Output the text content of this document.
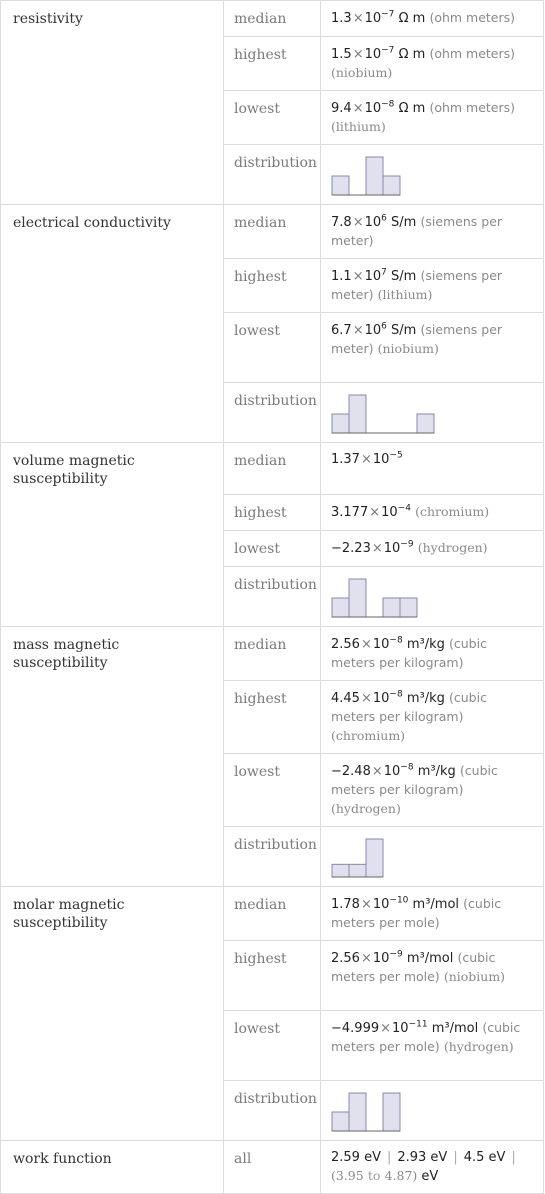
resistivity	median	$1.3\times 10^{-7}$ Ω m (ohm meters)
	highest	$1.5\times 10^{-7}$ Ω m (ohm meters) (niobium)
	lowest	$9.4\times 10^{-8}$ Ω m (ohm meters) (lithium)
	distribution	

electrical conductivity	median	$7.8\times 10^6$ S/m (siemens per meter)
	highest	$1.1\times 10^7$ S/m (siemens per meter) (lithium)
	lowest	$6.7\times 10^6$ S/m (siemens per meter) (niobium)
	distribution	

volume magnetic susceptibility	median	$1.37\times 10^{-5}$
	highest	$3.177\times 10^{-4}$ (chromium)
	lowest	$-2.23\times 10^{-9}$ (hydrogen)
	distribution	

mass magnetic susceptibility	median	$2.56\times 10^{-8}$ m³/kg (cubic meters per kilogram)
	highest	$4.45\times 10^{-8}$ m³/kg (cubic meters per kilogram) (chromium)
	lowest	$-2.48\times 10^{-8}$ m³/kg (cubic meters per kilogram) (hydrogen)
	distribution	

molar magnetic susceptibility	median	$1.78\times 10^{-10}$ m³/mol (cubic meters per mole)
	highest	$2.56\times 10^{-9}$ m³/mol (cubic meters per mole) (niobium)
	lowest	$-4.999\times 10^{-11}$ m³/mol (cubic meters per mole) (hydrogen)
	distribution	

work function	all	2.59 eV | 2.93 eV | 4.5 eV |(3.95 to 4.87) eV
